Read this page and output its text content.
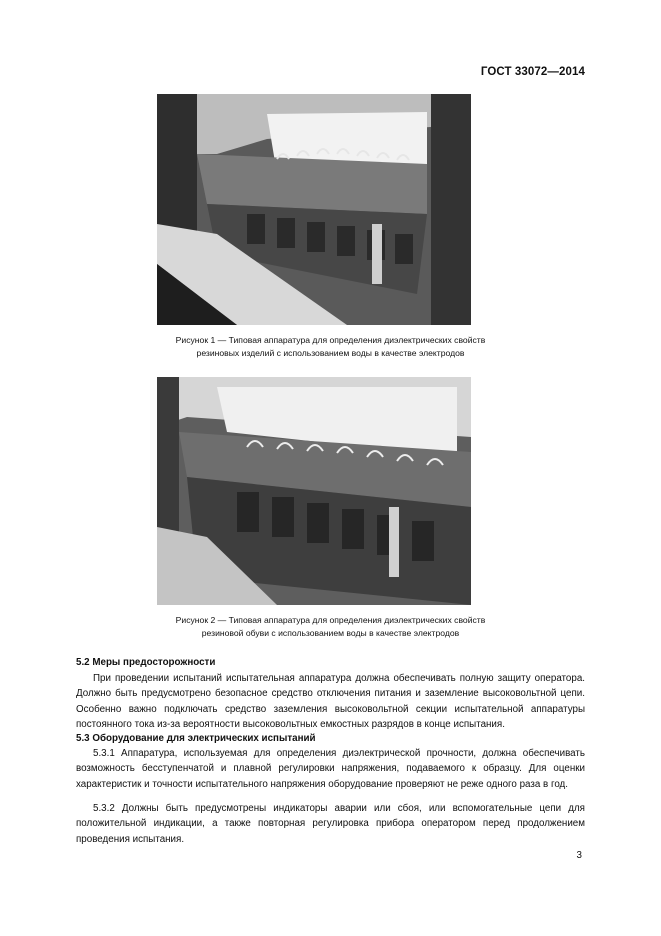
ГОСТ 33072—2014
Рисунок 1 — Типовая аппаратура для определения диэлектрических свойств
резиновых изделий с использованием воды в качестве электродов
Рисунок 2 — Типовая аппаратура для определения диэлектрических свойств
резиновой обуви с использованием воды в качестве электродов
5.2 Меры предосторожности
При проведении испытаний испытательная аппаратура должна обеспечивать полную защиту оператора. Должно быть предусмотрено безопасное средство отключения питания и заземление высоковольтной цепи. Особенно важно подключать средство заземления высоковольтной секции испытательной аппаратуры постоянного тока из-за вероятности высоковольтных емкостных разрядов в конце испытания.
5.3 Оборудование для электрических испытаний
5.3.1 Аппаратура, используемая для определения диэлектрической прочности, должна обеспечивать возможность бесступенчатой и плавной регулировки напряжения, подаваемого к образцу. Для оценки характеристик и точности испытательного напряжения оборудование проверяют не реже одного раза в год.
5.3.2 Должны быть предусмотрены индикаторы аварии или сбоя, или вспомогательные цепи для положительной индикации, а также повторная регулировка прибора оператором перед продолжением проведения испытания.
3
